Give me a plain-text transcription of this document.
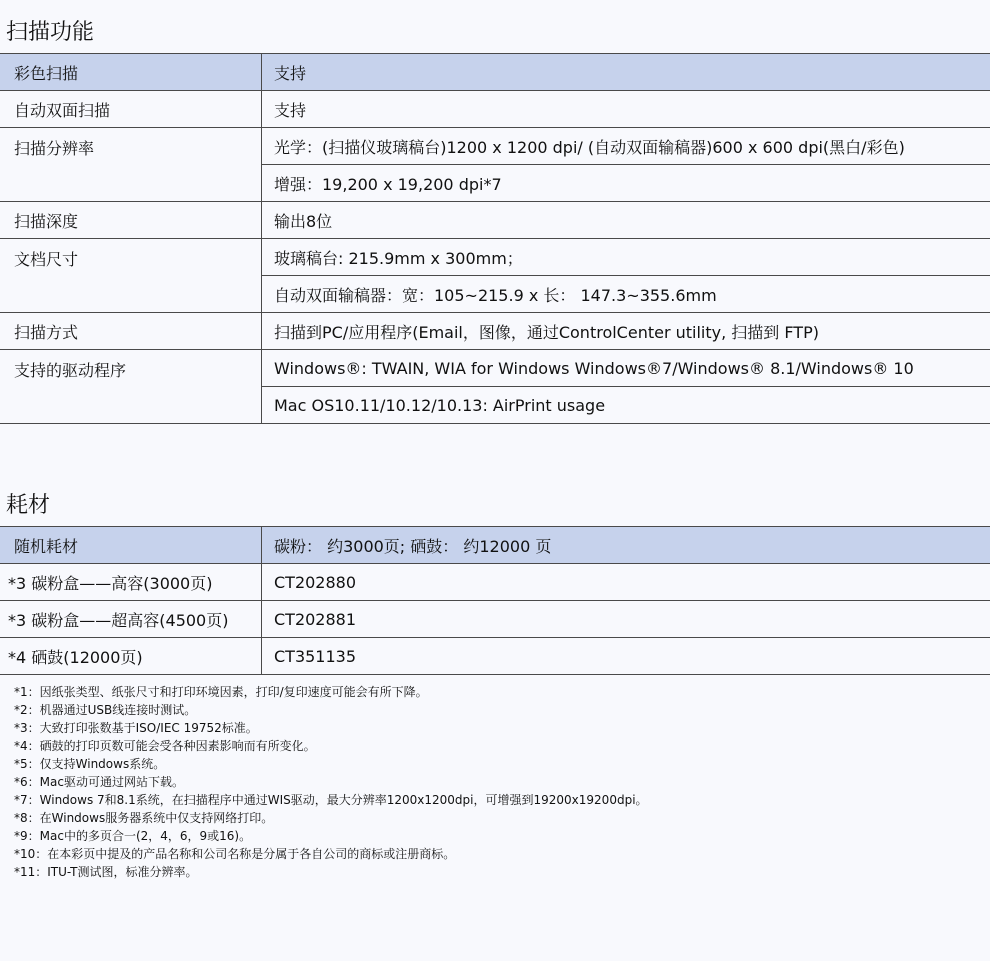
扫描功能
彩色扫描	支持
自动双面扫描	支持
扫描分辨率	光学：(扫描仪玻璃稿台)1200 x 1200 dpi/ (自动双面输稿器)600 x 600 dpi(黑白/彩色)
	增强：19,200 x 19,200 dpi*7
扫描深度	输出8位
文档尺寸	玻璃稿台: 215.9mm x 300mm；
	自动双面输稿器：宽：105~215.9 x 长： 147.3~355.6mm
扫描方式	扫描到PC/应用程序(Email，图像，通过ControlCenter utility, 扫描到 FTP)
支持的驱动程序	Windows®: TWAIN, WIA for Windows Windows®7/Windows® 8.1/Windows® 10
	Mac OS10.11/10.12/10.13: AirPrint usage
耗材
随机耗材	碳粉： 约3000页; 硒鼓： 约12000 页
*3 碳粉盒——高容(3000页)	CT202880
*3 碳粉盒——超高容(4500页)	CT202881
*4 硒鼓(12000页)	CT351135
*1：因纸张类型、纸张尺寸和打印环境因素，打印/复印速度可能会有所下降。
*2：机器通过USB线连接时测试。
*3：大致打印张数基于ISO/IEC 19752标准。
*4：硒鼓的打印页数可能会受各种因素影响而有所变化。
*5：仅支持Windows系统。
*6：Mac驱动可通过网站下载。
*7：Windows 7和8.1系统，在扫描程序中通过WIS驱动，最大分辨率1200x1200dpi，可增强到19200x19200dpi。
*8：在Windows服务器系统中仅支持网络打印。
*9：Mac中的多页合一(2，4，6，9或16)。
*10：在本彩页中提及的产品名称和公司名称是分属于各自公司的商标或注册商标。
*11：ITU-T测试图，标准分辨率。
